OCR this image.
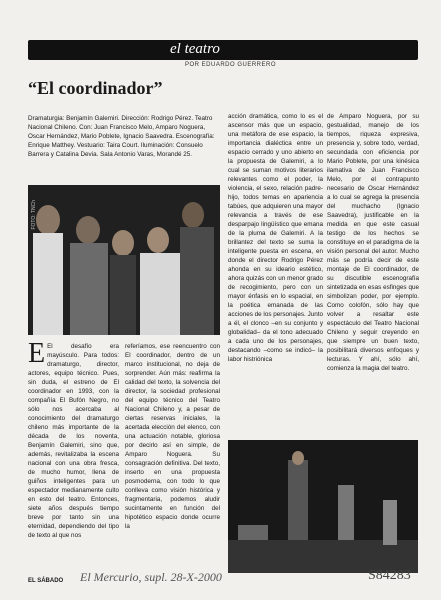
el teatro
POR EDUARDO GUERRERO
“El coordinador”
Dramaturgia: Benjamín Galemiri. Dirección: Rodrigo Pérez. Teatro Nacional Chileno. Con: Juan Francisco Melo, Amparo Noguera, Oscar Hernández, Mario Poblete, Ignacio Saavedra. Escenografía: Enrique Matthey. Vestuario: Taira Court. Iluminación: Consuelo Barrera y Catalina Devia. Sala Antonio Varas, Morandé 25.
FOTO: TNCh
E El desafío era mayúsculo. Para todos: dramaturgo, director, actores, equipo técnico. Pues, sin duda, el estreno de El coordinador en 1993, con la compañía El Bufón Negro, no sólo nos acercaba al conocimiento del dramaturgo chileno más importante de la década de los noventa, Benjamín Galemiri, sino que, además, revitalizaba la escena nacional con una obra fresca, de mucho humor, llena de guiños inteligentes para un espectador medianamente culto en esto del teatro. Entonces, siete años después tiempo breve por tanto sin una eternidad, dependiendo del tipo de texto al que nos
referíamos, ese reencuentro con El coordinador, dentro de un marco institucional, no deja de sorprender. Aún más: reafirma la calidad del texto, la solvencia del director, la sociedad profesional del equipo técnico del Teatro Nacional Chileno y, a pesar de ciertas reservas iniciales, la acertada elección del elenco, con una actuación notable, gloriosa por decirlo así en simple, de Amparo Noguera. Su consagración definitiva. Del texto, inserto en una propuesta posmoderna, con todo lo que conlleva como visión histórica y fragmentaria, podemos aludir sucintamente en función del hipotético espacio donde ocurre la
acción dramática, como lo es el ascensor más que un espacio, una metáfora de ese espacio, la importancia dialéctica entre un espacio cerrado y uno abierto en la propuesta de Galemiri, a lo cual se suman motivos literarios relevantes como el poder, la violencia, el sexo, relación padre-hijo, todos temas en apariencia tabúes, que adquieren una mayor relevancia a través de ese desparpajo lingüístico que emana de la pluma de Galemiri. A la brillantez del texto se suma la inteligente puesta en escena, en donde el director Rodrigo Pérez ahonda en su ideario estético, ahora quizás con un menor grado de recogimiento, pero con un mayor énfasis en lo espacial, en la poética emanada de las acciones de los personajes. Junto a él, el clonco –en su conjunto y globalidad– da el tono adecuado a cada uno de los personajes, destacando –como se indicó– la labor histriónica
de Amparo Noguera, por su gestualidad, manejo de los tiempos, riqueza expresiva, presencia y, sobre todo, verdad, secundada con eficiencia por Mario Poblete, por una kinésica ilamativa de Juan Francisco Melo, por el contrapunto necesario de Oscar Hernández a lo cual se agrega la presencia del muchacho (Ignacio Saavedra), justificable en la medida en que este casual testigo de los hechos se constituye en el paradigma de la visión personal del autor. Mucho más se podría decir de este montaje de El coordinador, de su discutible escenografía sintetizada en esas esfinges que simbolizan poder, por ejemplo. Como colofón, sólo hay que volver a resaltar este espectáculo del Teatro Nacional Chileno y seguir creyendo en que siempre un buen texto, posibilitará diversos enfoques y lecturas. Y ahí, sólo ahí, comienza la magia del teatro.
EL SÁBADO El Mercurio, supl. 28-X-2000	S84283
